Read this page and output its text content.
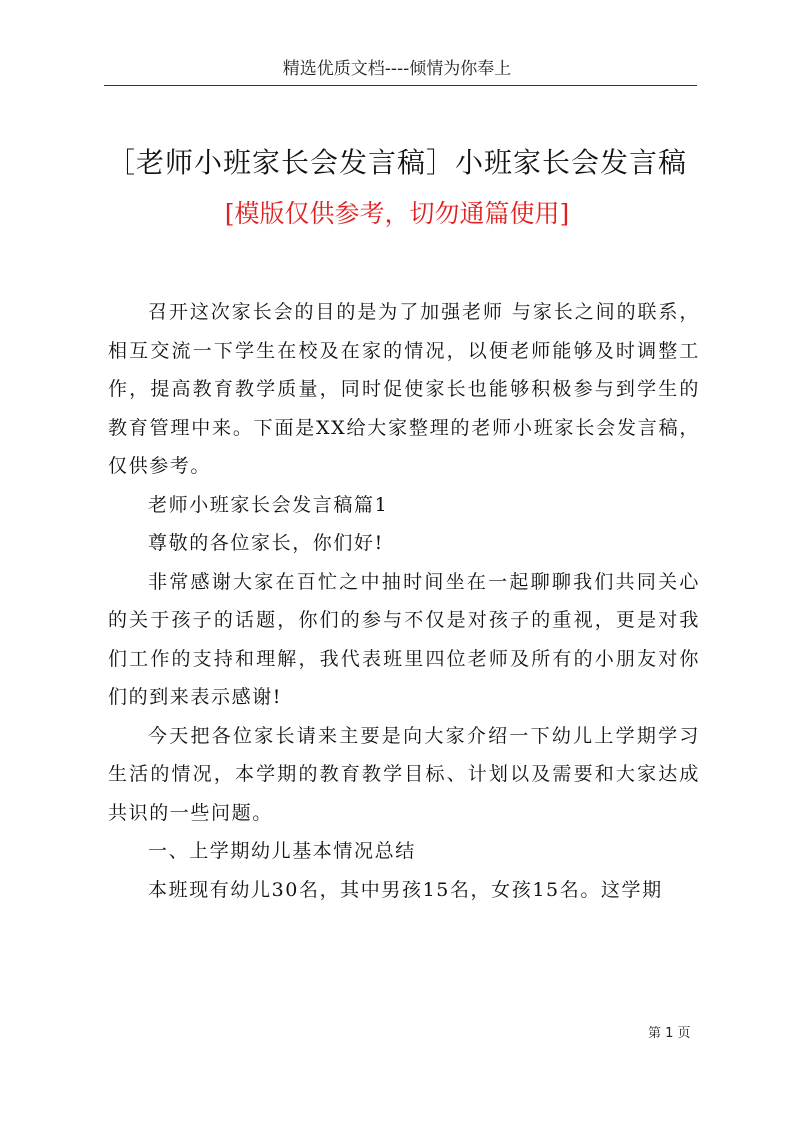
精选优质文档----倾情为你奉上
［老师小班家长会发言稿］小班家长会发言稿
[模版仅供参考，切勿通篇使用]

召开这次家长会的目的是为了加强老师 与家长之间的联系，相互交流一下学生在校及在家的情况，以便老师能够及时调整工作，提高教育教学质量，同时促使家长也能够积极参与到学生的教育管理中来。下面是XX给大家整理的老师小班家长会发言稿，仅供参考。

老师小班家长会发言稿篇1

尊敬的各位家长，你们好!

非常感谢大家在百忙之中抽时间坐在一起聊聊我们共同关心的关于孩子的话题，你们的参与不仅是对孩子的重视，更是对我们工作的支持和理解，我代表班里四位老师及所有的小朋友对你们的到来表示感谢!

今天把各位家长请来主要是向大家介绍一下幼儿上学期学习生活的情况，本学期的教育教学目标、计划以及需要和大家达成共识的一些问题。

一、上学期幼儿基本情况总结

本班现有幼儿30名，其中男孩15名，女孩15名。这学期

第 1 页
